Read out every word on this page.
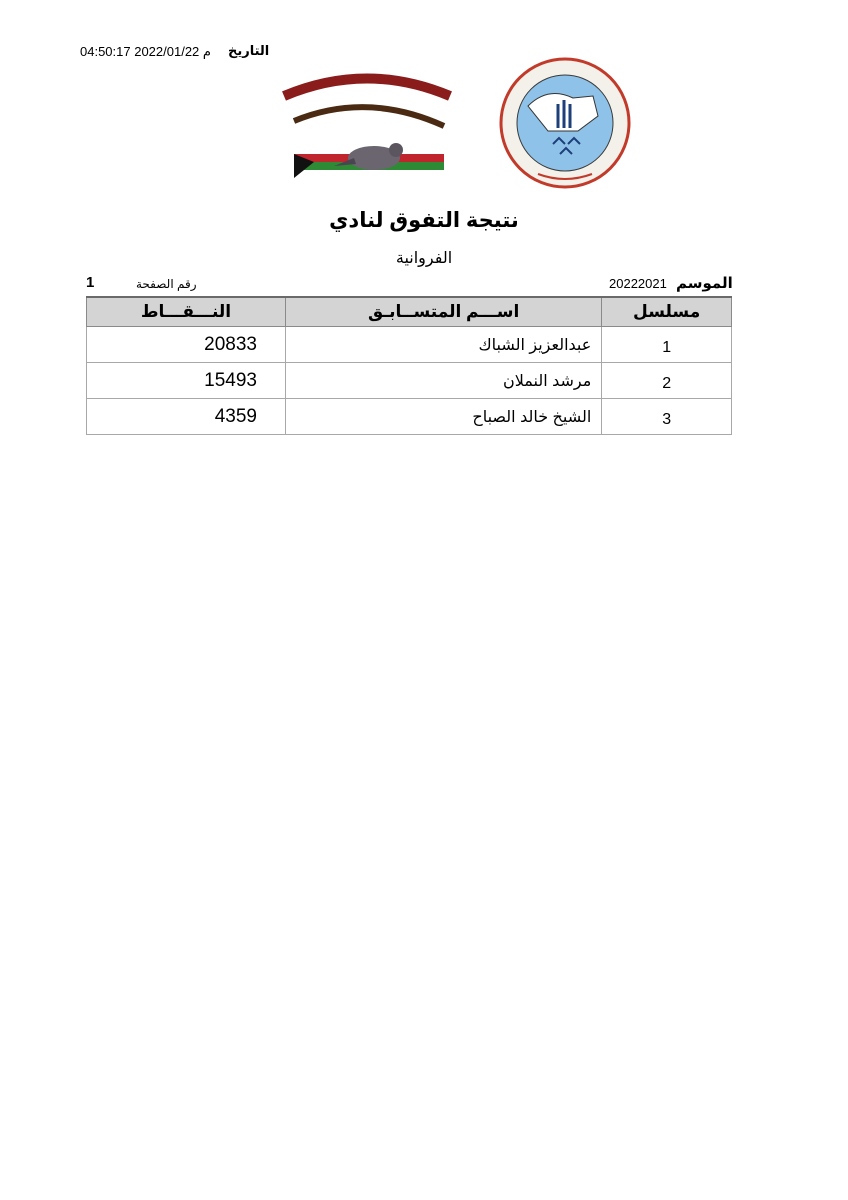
التاريخ
04:50:17 2022/01/22 م
نتيجة التفوق لنادي
الفروانية
الموسم
20222021
رقم الصفحة
1
مسلسل	اســـم المتســابـق	النـــقـــاط
1	عبدالعزيز الشباك	20833
2	مرشد النملان	15493
3	الشيخ خالد الصباح	4359
